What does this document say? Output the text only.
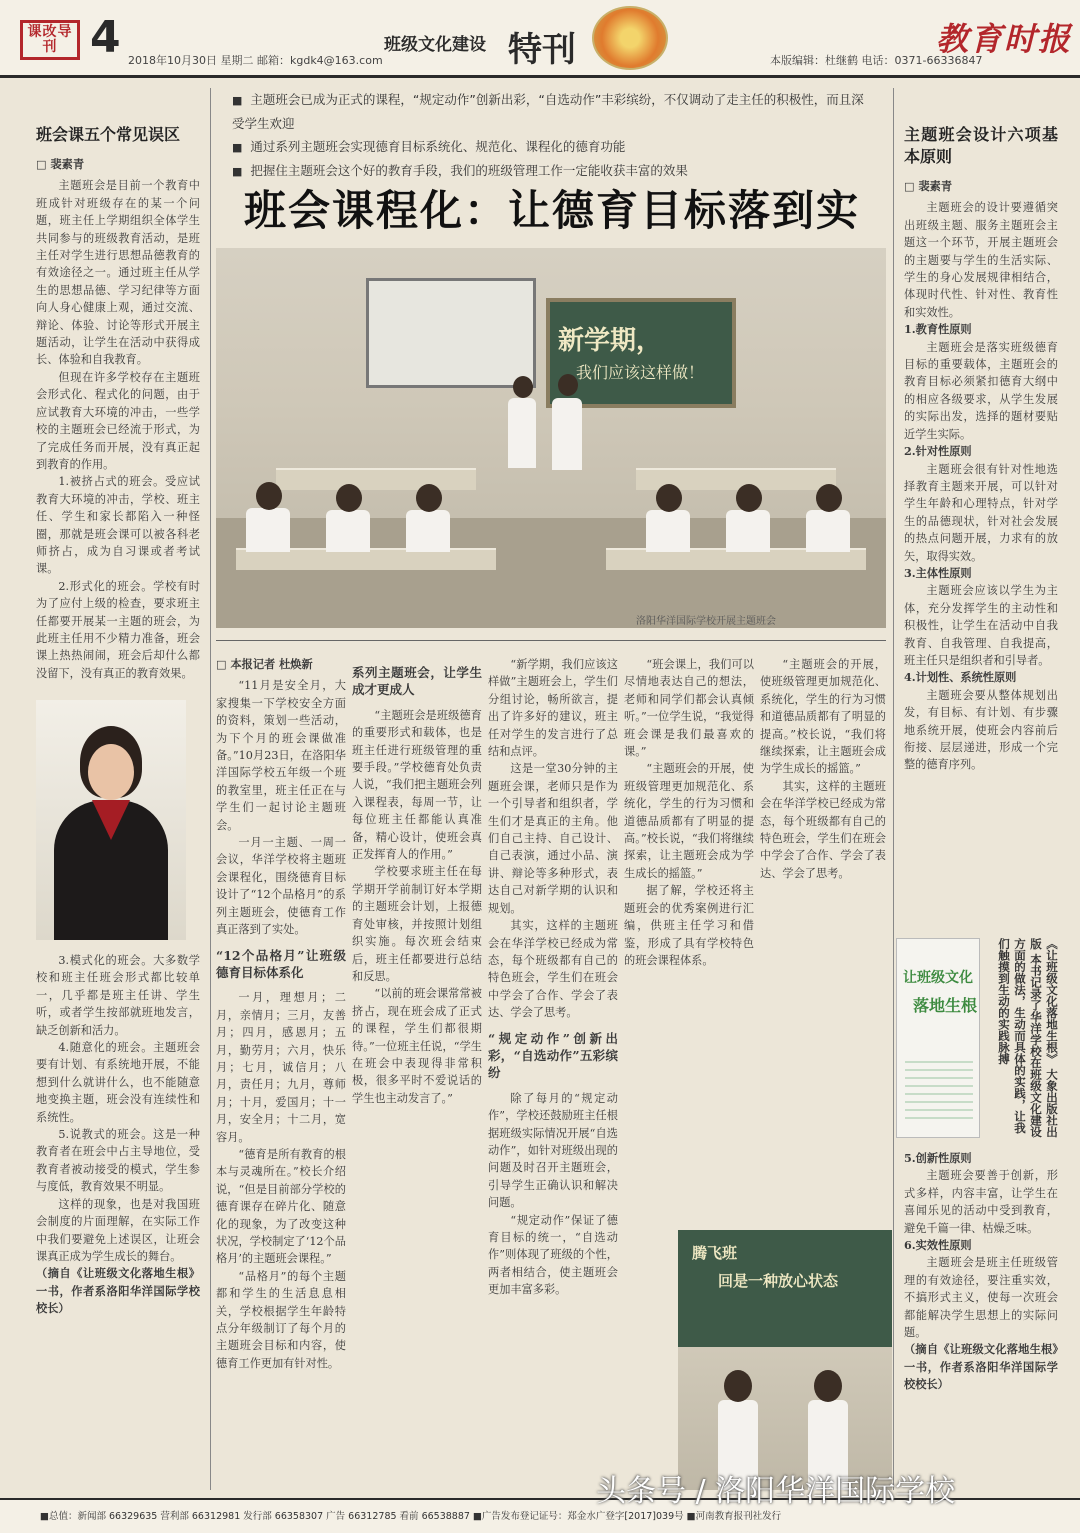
课改导刊 4 2018年10月30日 星期二 邮箱：kgdk4@163.com
班级文化建设 特刊	本版编辑：杜继鹤 电话：0371-66336847
教育时报
■ 主题班会已成为正式的课程，“规定动作”创新出彩，“自选动作”丰彩缤纷，不仅调动了走主任的积极性，而且深受学生欢迎
■ 通过系列主题班会实现德育目标系统化、规范化、课程化的德育功能
■ 把握住主题班会这个好的教育手段，我们的班级管理工作一定能收获丰富的效果
班会课程化：让德育目标落到实
班会课五个常见误区

□ 裴素青

主题班会是目前一个教育中班成针对班级存在的某一个问题，班主任上学期组织全体学生共同参与的班级教育活动，是班主任对学生进行思想品德教育的有效途径之一。通过班主任从学生的思想品德、学习纪律等方面向人身心健康上观，通过交流、辩论、体验、讨论等形式开展主题活动，让学生在活动中获得成长、体验和自我教育。

但现在许多学校存在主题班会形式化、程式化的问题，由于应试教育大环境的冲击，一些学校的主题班会已经流于形式，为了完成任务而开展，没有真正起到教育的作用。

1.被挤占式的班会。受应试教育大环境的冲击，学校、班主任、学生和家长都陷入一种怪圈，那就是班会课可以被各科老师挤占，成为自习课或者考试课。

2.形式化的班会。学校有时为了应付上级的检查，要求班主任都要开展某一主题的班会，为此班主任用不少精力准备，班会课上热热闹闹，班会后却什么都没留下，没有真正的教育效果。

3.模式化的班会。大多数学校和班主任班会形式都比较单一，几乎都是班主任讲、学生听，或者学生按部就班地发言，缺乏创新和活力。

4.随意化的班会。主题班会要有计划、有系统地开展，不能想到什么就讲什么，也不能随意地变换主题，班会没有连续性和系统性。

5.说教式的班会。这是一种教育者在班会中占主导地位，受教育者被动接受的模式，学生参与度低，教育效果不明显。

这样的现象，也是对我国班会制度的片面理解，在实际工作中我们要避免上述误区，让班会课真正成为学生成长的舞台。

（摘自《让班级文化落地生根》一书，作者系洛阳华洋国际学校校长）

新学期，
我们应该这样做！
洛阳华洋国际学校开展主题班会

□ 本报记者 杜焕新

“11月是安全月，大家搜集一下学校安全方面的资料，策划一些活动，为下个月的班会课做准备。”10月23日，在洛阳华洋国际学校五年级一个班的教室里，班主任正在与学生们一起讨论主题班会。

一月一主题、一周一会议，华洋学校将主题班会课程化，围绕德育目标设计了“12个品格月”的系列主题班会，使德育工作真正落到了实处。

“12个品格月”让班级德育目标体系化

一月，理想月；二月，亲情月；三月，友善月；四月，感恩月；五月，勤劳月；六月，快乐月；七月，诚信月；八月，责任月；九月，尊师月；十月，爱国月；十一月，安全月；十二月，宽容月。

“德育是所有教育的根本与灵魂所在。”校长介绍说，“但是目前部分学校的德育课存在碎片化、随意化的现象，为了改变这种状况，学校制定了‘12个品格月’的主题班会课程。”

“品格月”的每个主题都和学生的生活息息相关，学校根据学生年龄特点分年级制订了每个月的主题班会目标和内容，使德育工作更加有针对性。

系列主题班会，让学生成才更成人

“主题班会是班级德育的重要形式和载体，也是班主任进行班级管理的重要手段。”学校德育处负责人说，“我们把主题班会列入课程表，每周一节，让每位班主任都能认真准备，精心设计，使班会真正发挥育人的作用。”

学校要求班主任在每学期开学前制订好本学期的主题班会计划，上报德育处审核，并按照计划组织实施。每次班会结束后，班主任都要进行总结和反思。

“以前的班会课常常被挤占，现在班会成了正式的课程，学生们都很期待。”一位班主任说，“学生在班会中表现得非常积极，很多平时不爱说话的学生也主动发言了。”

“新学期，我们应该这样做”主题班会上，学生们分组讨论，畅所欲言，提出了许多好的建议，班主任对学生的发言进行了总结和点评。

这是一堂30分钟的主题班会课，老师只是作为一个引导者和组织者，学生们才是真正的主角。他们自己主持、自己设计、自己表演，通过小品、演讲、辩论等多种形式，表达自己对新学期的认识和规划。

其实，这样的主题班会在华洋学校已经成为常态，每个班级都有自己的特色班会，学生们在班会中学会了合作、学会了表达、学会了思考。

“规定动作”创新出彩，“自选动作”五彩缤纷

除了每月的“规定动作”，学校还鼓励班主任根据班级实际情况开展“自选动作”，如针对班级出现的问题及时召开主题班会，引导学生正确认识和解决问题。

“规定动作”保证了德育目标的统一，“自选动作”则体现了班级的个性，两者相结合，使主题班会更加丰富多彩。

“班会课上，我们可以尽情地表达自己的想法，老师和同学们都会认真倾听。”一位学生说，“我觉得班会课是我们最喜欢的课。”

“主题班会的开展，使班级管理更加规范化、系统化，学生的行为习惯和道德品质都有了明显的提高。”校长说，“我们将继续探索，让主题班会成为学生成长的摇篮。”

据了解，学校还将主题班会的优秀案例进行汇编，供班主任学习和借鉴，形成了具有学校特色的班会课程体系。

“主题班会的开展，使班级管理更加规范化、系统化，学生的行为习惯和道德品质都有了明显的提高。”校长说，“我们将继续探索，让主题班会成为学生成长的摇篮。”

其实，这样的主题班会在华洋学校已经成为常态，每个班级都有自己的特色班会，学生们在班会中学会了合作、学会了表达、学会了思考。

腾飞班
回是一种放心状态
主题班会设计六项基本原则

□ 裴素青

主题班会的设计要遵循突出班级主题、服务主题班会主题这一个环节，开展主题班会的主题要与学生的生活实际、学生的身心发展规律相结合，体现时代性、针对性、教育性和实效性。

1.教育性原则

主题班会是落实班级德育目标的重要载体，主题班会的教育目标必须紧扣德育大纲中的相应各级要求，从学生发展的实际出发，选择的题材要贴近学生实际。

2.针对性原则

主题班会很有针对性地选择教育主题来开展，可以针对学生年龄和心理特点，针对学生的品德现状，针对社会发展的热点问题开展，力求有的放矢，取得实效。

3.主体性原则

主题班会应该以学生为主体，充分发挥学生的主动性和积极性，让学生在活动中自我教育、自我管理、自我提高，班主任只是组织者和引导者。

4.计划性、系统性原则

主题班会要从整体规划出发，有目标、有计划、有步骤地系统开展，使班会内容前后衔接、层层递进，形成一个完整的德育序列。

让班级文化
落地生根	《让班级文化落地生根》 大象出版社出版 本书记录了华洋学校在班级文化建设方面的做法，生动而具体的实践，让我们触摸到生动的实践脉搏

5.创新性原则

主题班会要善于创新，形式多样，内容丰富，让学生在喜闻乐见的活动中受到教育，避免千篇一律、枯燥乏味。

6.实效性原则

主题班会是班主任班级管理的有效途径，要注重实效，不搞形式主义，使每一次班会都能解决学生思想上的实际问题。

（摘自《让班级文化落地生根》一书，作者系洛阳华洋国际学校校长）

■总值：新闻部 66329635 营利部 66312981 发行部 66358307 广告 66312785 看前 66538887 ■广告发布登记证号：郑金水广登字[2017]039号 ■河南教育报刊社发行
头条号 / 洛阳华洋国际学校
